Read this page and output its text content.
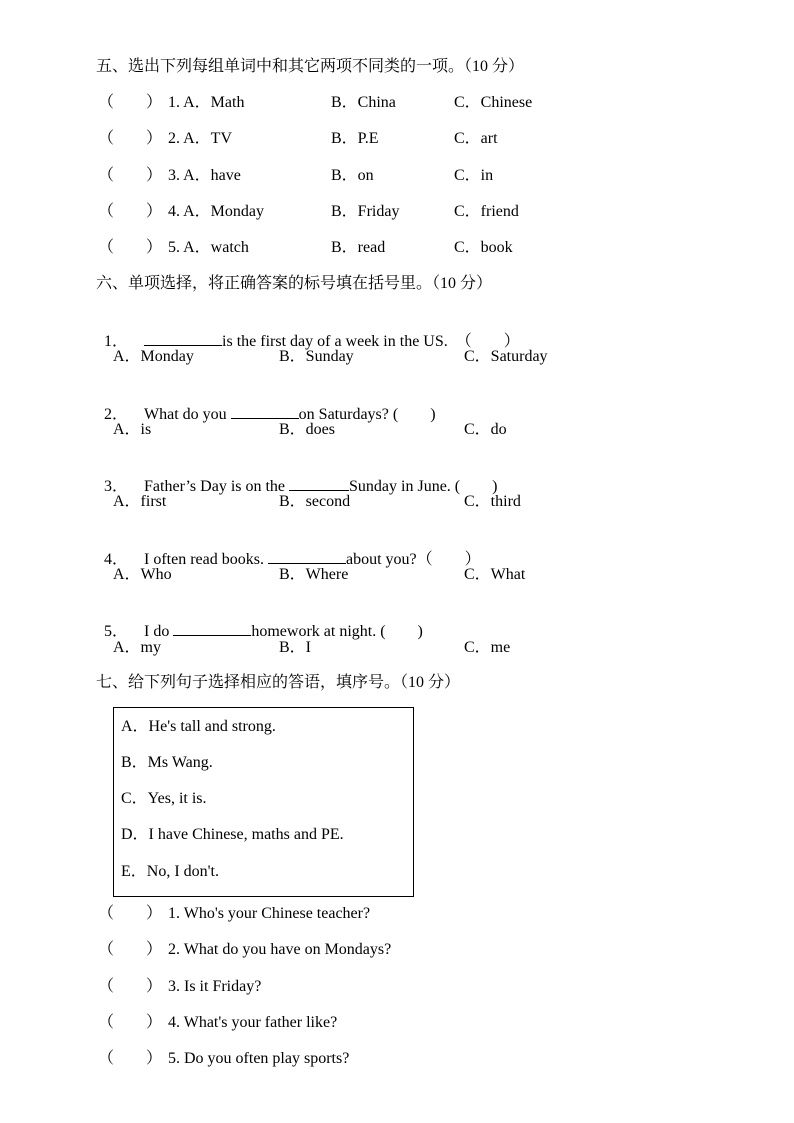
五、选出下列每组单词中和其它两项不同类的一项。（10 分）
（　　） 1. A．Math	B．China	C．Chinese
（　　） 2. A．TV	B．P.E	C．art
（　　） 3. A．have	B．on	C．in
（　　） 4. A．Monday	B．Friday	C．friend
（　　） 5. A．watch	B．read	C．book
六、单项选择，将正确答案的标号填在括号里。（10 分）

1．	is the first day of a week in the US.  （　　）

A．Monday	B．Sunday	C．Saturday

2． What do you	on Saturdays? (　　)

A．is	B．does	C．do

3． Father’s Day is on the	Sunday in June. (　　)

A．first	B．second	C．third

4． I often read books.	about you?（　　）

A．Who	B．Where	C．What

5． I do	homework at night. (　　)

A．my	B．I	C．me
七、给下列句子选择相应的答语，填序号。（10 分）
A．He's tall and strong.
B．Ms Wang.
C．Yes, it is.
D．I have Chinese, maths and PE.
E．No, I don't.
（　　） 1. Who's your Chinese teacher?
（　　） 2. What do you have on Mondays?
（　　） 3. Is it Friday?
（　　） 4. What's your father like?
（　　） 5. Do you often play sports?
